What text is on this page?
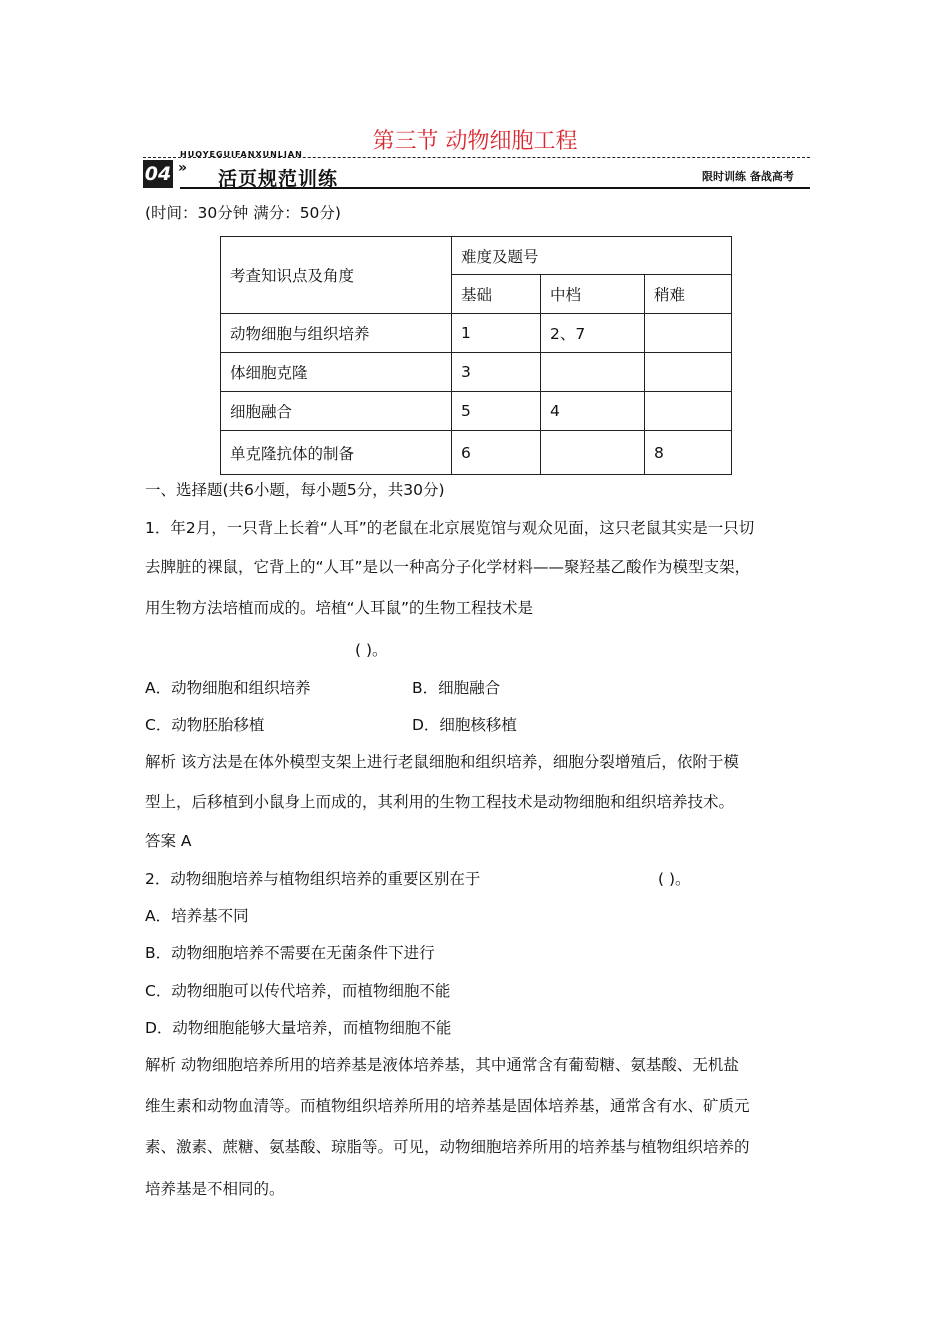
第三节 动物细胞工程
HUOYEGUIFANXUNLIAN
04 » 活页规范训练	限时训练 备战高考
(时间：30分钟 满分：50分)
考查知识点及角度	难度及题号		
	基础	中档	稍难
动物细胞与组织培养	1	2、7	
体细胞克隆	3		
细胞融合	5	4	
单克隆抗体的制备	6		8
一、选择题(共6小题，每小题5分，共30分)
1．年2月，一只背上长着“人耳”的老鼠在北京展览馆与观众见面，这只老鼠其实是一只切
去脾脏的裸鼠，它背上的“人耳”是以一种高分子化学材料——聚羟基乙酸作为模型支架，
用生物方法培植而成的。培植“人耳鼠”的生物工程技术是
( )。
A．动物细胞和组织培养	B．细胞融合
C．动物胚胎移植	D．细胞核移植
解析 该方法是在体外模型支架上进行老鼠细胞和组织培养，细胞分裂增殖后，依附于模
型上，后移植到小鼠身上而成的，其利用的生物工程技术是动物细胞和组织培养技术。
答案 A
2．动物细胞培养与植物组织培养的重要区别在于	( )。
A．培养基不同
B．动物细胞培养不需要在无菌条件下进行
C．动物细胞可以传代培养，而植物细胞不能
D．动物细胞能够大量培养，而植物细胞不能
解析 动物细胞培养所用的培养基是液体培养基，其中通常含有葡萄糖、氨基酸、无机盐
维生素和动物血清等。而植物组织培养所用的培养基是固体培养基，通常含有水、矿质元
素、激素、蔗糖、氨基酸、琼脂等。可见，动物细胞培养所用的培养基与植物组织培养的
培养基是不相同的。
